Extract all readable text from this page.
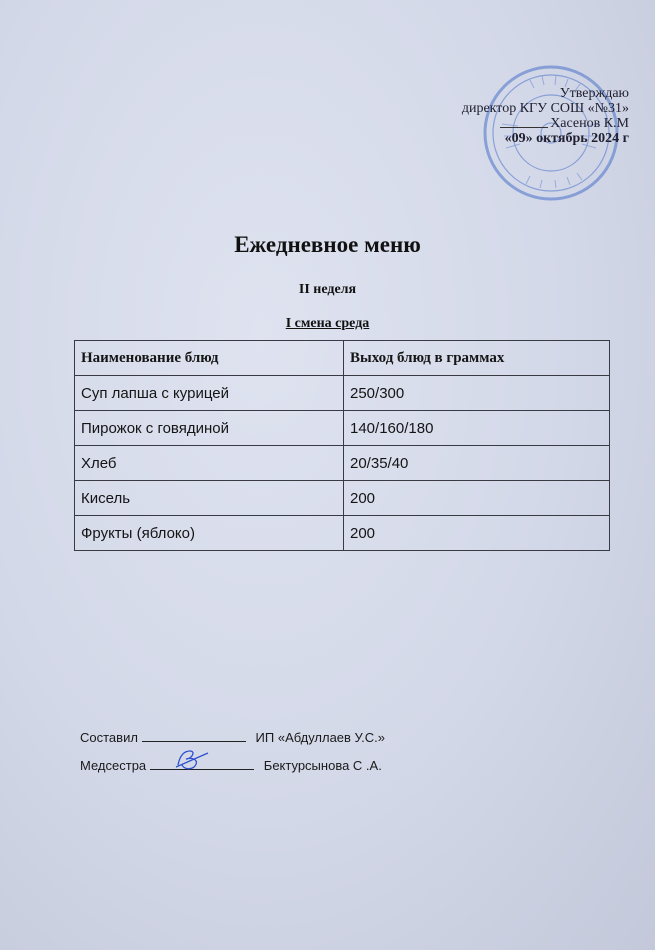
Утверждаю
директор КГУ СОШ «№31»
Хасенов К.М
«09» октябрь 2024 г
Ежедневное меню
II неделя
I смена среда
Наименование блюд	Выход блюд в граммах
Суп лапша с курицей	250/300
Пирожок с говядиной	140/160/180
Хлеб	20/35/40
Кисель	200
Фрукты (яблоко)	200
Составил	ИП «Абдуллаев У.С.»
Медсестра	Бектурсынова С .А.
